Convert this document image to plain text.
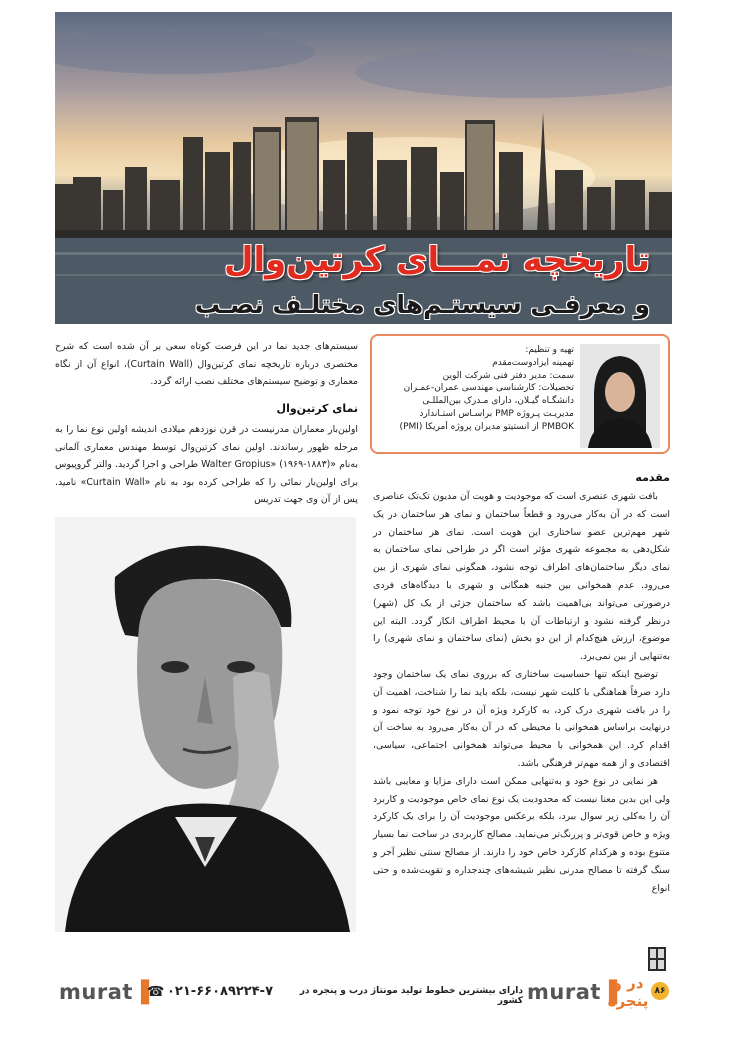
تاریخچه نمـــای کرتین‌وال
و معرفـی سیستـم‌های مختلـف نصـب
تهیه و تنظیم:
تهمینه ایزادوست‌مقدم
سمت: مدیر دفتر فنی شرکت الوین
تحصیلات: کارشناسی مهندسی عمران-عمـران
دانشگـاه گیـلان، دارای مـدرک بین‌المللـی
مدیریـت پـروژه PMP براسـاس استـاندارد
PMBOK از انستیتو مدیران پروژه آمریکا (PMI)

سیستم‌های جدید نما در این فرصت کوتاه سعی بر آن شده است که شرح مختصری درباره تاریخچه نمای کرتین‌وال (Curtain Wall)، انواع آن از نگاه معماری و توضیح سیستم‌های مختلف نصب ارائه گردد.

نمای کرتین‌وال

اولین‌بار معماران مدرنیست در قرن نوزدهم میلادی اندیشه اولین نوع نما را به مرحله ظهور رساندند. اولین نمای کرتین‌وال توسط مهندس معماری آلمانی به‌نام «Walter Gropius» (۱۹۶۹-۱۸۸۳) طراحی و اجرا گردید. والتر گروپیوس برای اولین‌بار نمائی را که طراحی کرده بود به نام «Curtain Wall» نامید. پس از آن وی جهت تدریس

مقدمه

بافت شهری عنصری است که موجودیت و هویت آن مدیون تک‌تک عناصری است که در آن به‌کار می‌رود و قطعاً ساختمان و نمای هر ساختمان در یک شهر مهم‌ترین عضو ساختاری این هویت است. نمای هر ساختمان در شکل‌دهی به مجموعه شهری مؤثر است اگر در طراحی نمای ساختمان به نمای دیگر ساختمان‌های اطراف توجه نشود، همگونی نمای شهری از بین می‌رود. عدم همخوانی بین جنبه همگانی و شهری با دیدگاه‌های فردی درصورتی می‌تواند بی‌اهمیت باشد که ساختمان جزئی از یک کل (شهر) درنظر گرفته نشود و ارتباطات آن با محیط اطراف انکار گردد. البته این موضوع، ارزش هیچ‌کدام از این دو بخش (نمای ساختمان و نمای شهری) را به‌تنهایی از بین نمی‌برد.

توضیح اینکه تنها حساسیت ساختاری که برروی نمای یک ساختمان وجود دارد صرفاً هماهنگی با کلیت شهر نیست، بلکه باید نما را شناخت، اهمیت آن را در بافت شهری درک کرد، به کارکرد ویژه آن در نوع خود توجه نمود و درنهایت براساس همخوانی با محیطی که در آن به‌کار می‌رود به ساخت آن اقدام کرد. این همخوانی با محیط می‌تواند همخوانی اجتماعی، سیاسی، اقتصادی و از همه مهم‌تر فرهنگی باشد.

هر نمایی در نوع خود و به‌تنهایی ممکن است دارای مزایا و معایبی باشد ولی این بدین معنا نیست که محدودیت یک نوع نمای خاص موجودیت و کاربرد آن را به‌کلی زیر سوال ببرد، بلکه برعکس موجودیت آن را برای یک کارکرد ویژه و خاص قوی‌تر و پررنگ‌تر می‌نماید. مصالح کاربردی در ساخت نما بسیار متنوع بوده و هرکدام کارکرد خاص خود را دارند. از مصالح سنتی نظیر آجر و سنگ گرفته تا مصالح مدرنی نظیر شیشه‌های چندجداره و تقویت‌شده و حتی انواع

murat▐
☎ ۰۲۱-۶۶۰۸۹۲۲۴-۷	دارای بیشترین خطوط تولید مونتاژ درب و پنجره در کشور murat▐
در و پنجره
۸۶
